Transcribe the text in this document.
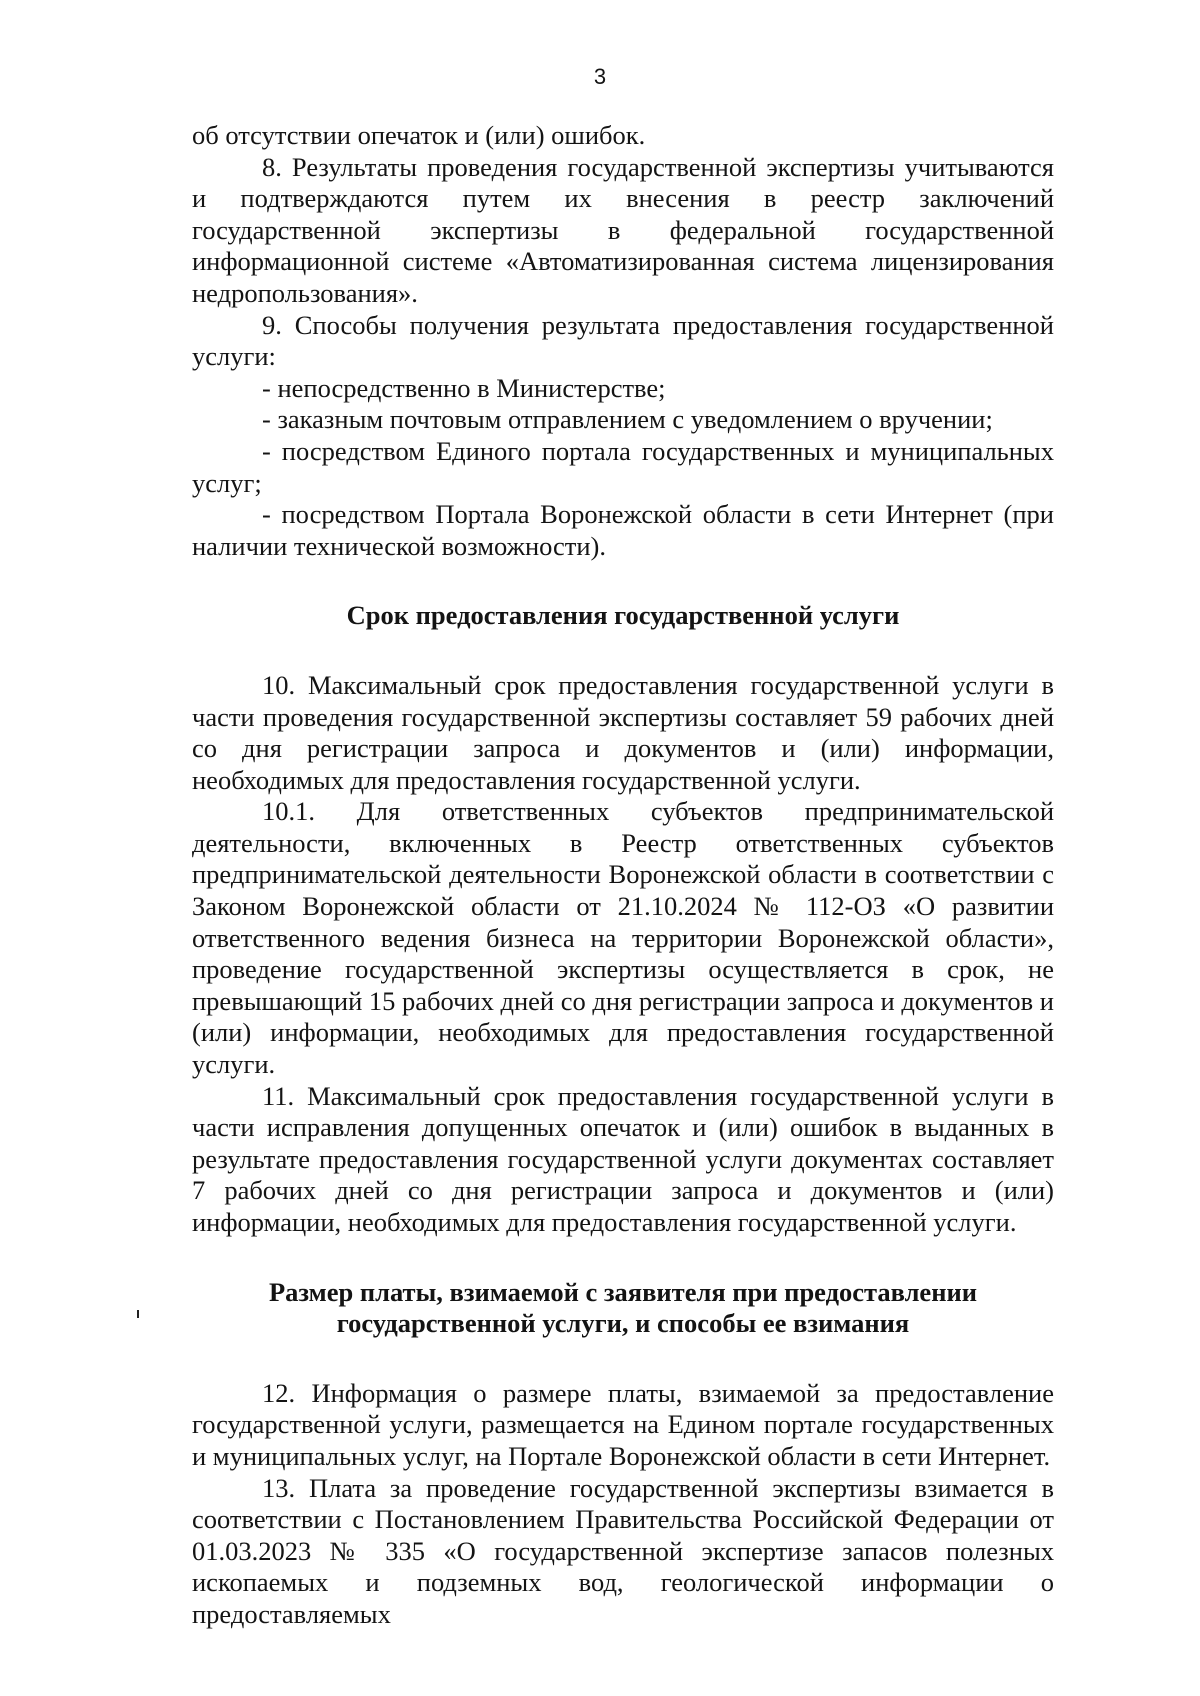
3

об отсутствии опечаток и (или) ошибок.

8. Результаты проведения государственной экспертизы учитываются и подтверждаются путем их внесения в реестр заключений государственной экспертизы в федеральной государственной информационной системе «Автоматизированная система лицензирования недропользования».

9. Способы получения результата предоставления государственной услуги:

- непосредственно в Министерстве;

- заказным почтовым отправлением с уведомлением о вручении;

- посредством Единого портала государственных и муниципальных услуг;

- посредством Портала Воронежской области в сети Интернет (при наличии технической возможности).

Срок предоставления государственной услуги

10. Максимальный срок предоставления государственной услуги в части проведения государственной экспертизы составляет 59 рабочих дней со дня регистрации запроса и документов и (или) информации, необходимых для предоставления государственной услуги.

10.1. Для ответственных субъектов предпринимательской деятельности, включенных в Реестр ответственных субъектов предпринимательской деятельности Воронежской области в соответствии с Законом Воронежской области от 21.10.2024 № 112-ОЗ «О развитии ответственного ведения бизнеса на территории Воронежской области», проведение государственной экспертизы осуществляется в срок, не превышающий 15 рабочих дней со дня регистрации запроса и документов и (или) информации, необходимых для предоставления государственной услуги.

11. Максимальный срок предоставления государственной услуги в части исправления допущенных опечаток и (или) ошибок в выданных в результате предоставления государственной услуги документах составляет 7 рабочих дней со дня регистрации запроса и документов и (или) информации, необходимых для предоставления государственной услуги.

Размер платы, взимаемой с заявителя при предоставлении государственной услуги, и способы ее взимания

12. Информация о размере платы, взимаемой за предоставление государственной услуги, размещается на Едином портале государственных и муниципальных услуг, на Портале Воронежской области в сети Интернет.

13. Плата за проведение государственной экспертизы взимается в соответствии с Постановлением Правительства Российской Федерации от 01.03.2023 № 335 «О государственной экспертизе запасов полезных ископаемых и подземных вод, геологической информации о предоставляемых
